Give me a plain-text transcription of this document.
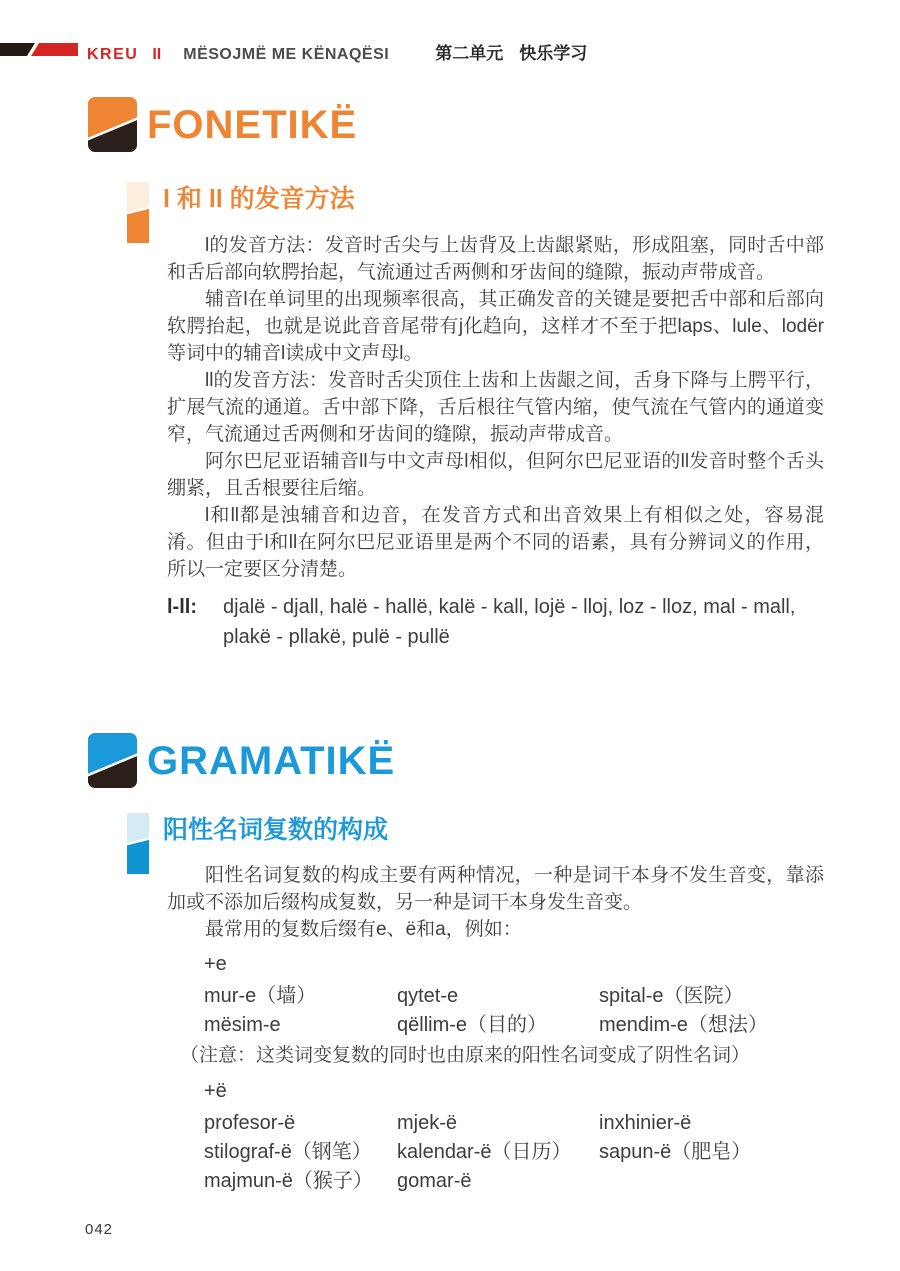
KREU II MËSOJMË ME KËNAQËSI	第二单元 快乐学习
FONETIKË
l 和 ll 的发音方法

l的发音方法：发音时舌尖与上齿背及上齿龈紧贴，形成阻塞，同时舌中部和舌后部向软腭抬起，气流通过舌两侧和牙齿间的缝隙，振动声带成音。

辅音l在单词里的出现频率很高，其正确发音的关键是要把舌中部和后部向软腭抬起，也就是说此音音尾带有j化趋向，这样才不至于把laps、lule、lodër等词中的辅音l读成中文声母l。

ll的发音方法：发音时舌尖顶住上齿和上齿龈之间，舌身下降与上腭平行，扩展气流的通道。舌中部下降，舌后根往气管内缩，使气流在气管内的通道变窄，气流通过舌两侧和牙齿间的缝隙，振动声带成音。

阿尔巴尼亚语辅音ll与中文声母l相似，但阿尔巴尼亚语的ll发音时整个舌头绷紧，且舌根要往后缩。

l和ll都是浊辅音和边音，在发音方式和出音效果上有相似之处，容易混淆。但由于l和ll在阿尔巴尼亚语里是两个不同的语素，具有分辨词义的作用，所以一定要区分清楚。

l-ll:	djalë - djall, halë - hallë, kalë - kall, lojë - lloj, loz - lloz, mal - mall, plakë - pllakë, pulë - pullë
GRAMATIKË
阳性名词复数的构成

阳性名词复数的构成主要有两种情况，一种是词干本身不发生音变，靠添加或不添加后缀构成复数，另一种是词干本身发生音变。

最常用的复数后缀有e、ë和a，例如：

+e
mur-e（墙）	qytet-e	spital-e（医院）
mësim-e	qëllim-e（目的）	mendim-e（想法）
（注意：这类词变复数的同时也由原来的阳性名词变成了阴性名词）
+ë
profesor-ë	mjek-ë	inxhinier-ë
stilograf-ë（钢笔）	kalendar-ë（日历）	sapun-ë（肥皂）
majmun-ë（猴子）	gomar-ë
042
